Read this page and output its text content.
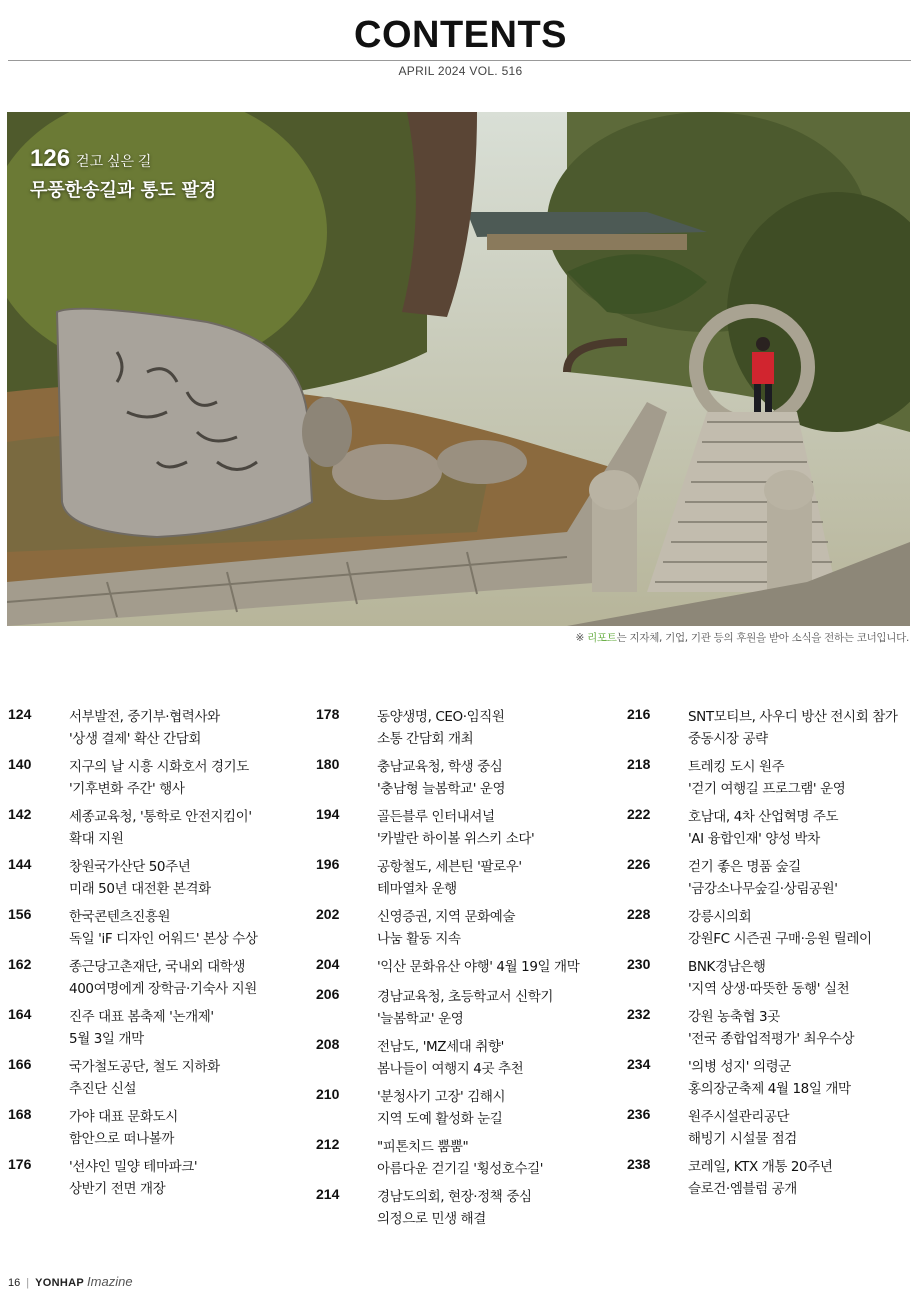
CONTENTS
APRIL 2024 VOL. 516
126 걷고 싶은 길
무풍한송길과 통도 팔경
※ 리포트는 지자체, 기업, 기관 등의 후원을 받아 소식을 전하는 코너입니다.
124	서부발전, 중기부·협력사와
'상생 결제' 확산 간담회
140	지구의 날 시흥 시화호서 경기도
'기후변화 주간' 행사
142	세종교육청, '통학로 안전지킴이'
확대 지원
144	창원국가산단 50주년
미래 50년 대전환 본격화
156	한국콘텐츠진흥원
독일 'iF 디자인 어워드' 본상 수상
162	종근당고촌재단, 국내외 대학생
400여명에게 장학금·기숙사 지원
164	진주 대표 봄축제 '논개제'
5월 3일 개막
166	국가철도공단, 철도 지하화
추진단 신설
168	가야 대표 문화도시
함안으로 떠나볼까
176	'선샤인 밀양 테마파크'
상반기 전면 개장
178	동양생명, CEO·임직원
소통 간담회 개최
180	충남교육청, 학생 중심
'충남형 늘봄학교' 운영
194	골든블루 인터내셔널
'카발란 하이볼 위스키 소다'
196	공항철도, 세븐틴 '팔로우'
테마열차 운행
202	신영증권, 지역 문화예술
나눔 활동 지속
204	'익산 문화유산 야행' 4월 19일 개막
206	경남교육청, 초등학교서 신학기
'늘봄학교' 운영
208	전남도, 'MZ세대 취향'
봄나들이 여행지 4곳 추천
210	'분청사기 고장' 김해시
지역 도예 활성화 눈길
212	"피톤치드 뿜뿜"
아름다운 걷기길 '횡성호수길'
214	경남도의회, 현장·정책 중심
의정으로 민생 해결
216	SNT모티브, 사우디 방산 전시회 참가
중동시장 공략
218	트레킹 도시 원주
'걷기 여행길 프로그램' 운영
222	호남대, 4차 산업혁명 주도
'AI 융합인재' 양성 박차
226	걷기 좋은 명품 숲길
'금강소나무숲길·상림공원'
228	강릉시의회
강원FC 시즌권 구매·응원 릴레이
230	BNK경남은행
'지역 상생·따뜻한 동행' 실천
232	강원 농축협 3곳
'전국 종합업적평가' 최우수상
234	'의병 성지' 의령군
홍의장군축제 4월 18일 개막
236	원주시설관리공단
해빙기 시설물 점검
238	코레일, KTX 개통 20주년
슬로건·엠블럼 공개
16 | YONHAP Imazine
